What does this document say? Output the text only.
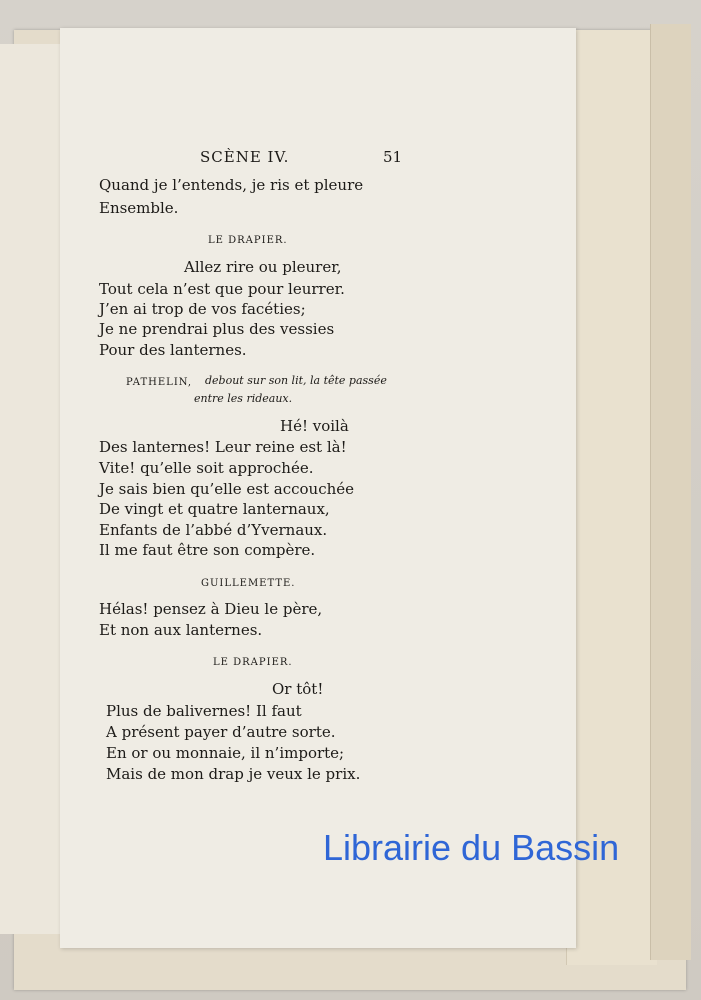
SCÈNE IV.	51
Quand je l’entends, je ris et pleure
Ensemble.
LE DRAPIER.
Allez rire ou pleurer,
Tout cela n’est que pour leurrer.
J’en ai trop de vos facéties;
Je ne prendrai plus des vessies
Pour des lanternes.
PATHELIN, debout sur son lit, la tête passée
entre les rideaux.
Hé! voilà
Des lanternes! Leur reine est là!
Vite! qu’elle soit approchée.
Je sais bien qu’elle est accouchée
De vingt et quatre lanternaux,
Enfants de l’abbé d’Yvernaux.
Il me faut être son compère.
GUILLEMETTE.
Hélas! pensez à Dieu le père,
Et non aux lanternes.
LE DRAPIER.
Or tôt!
Plus de balivernes! Il faut
A présent payer d’autre sorte.
En or ou monnaie, il n’importe;
Mais de mon drap je veux le prix.
Librairie du Bassin
